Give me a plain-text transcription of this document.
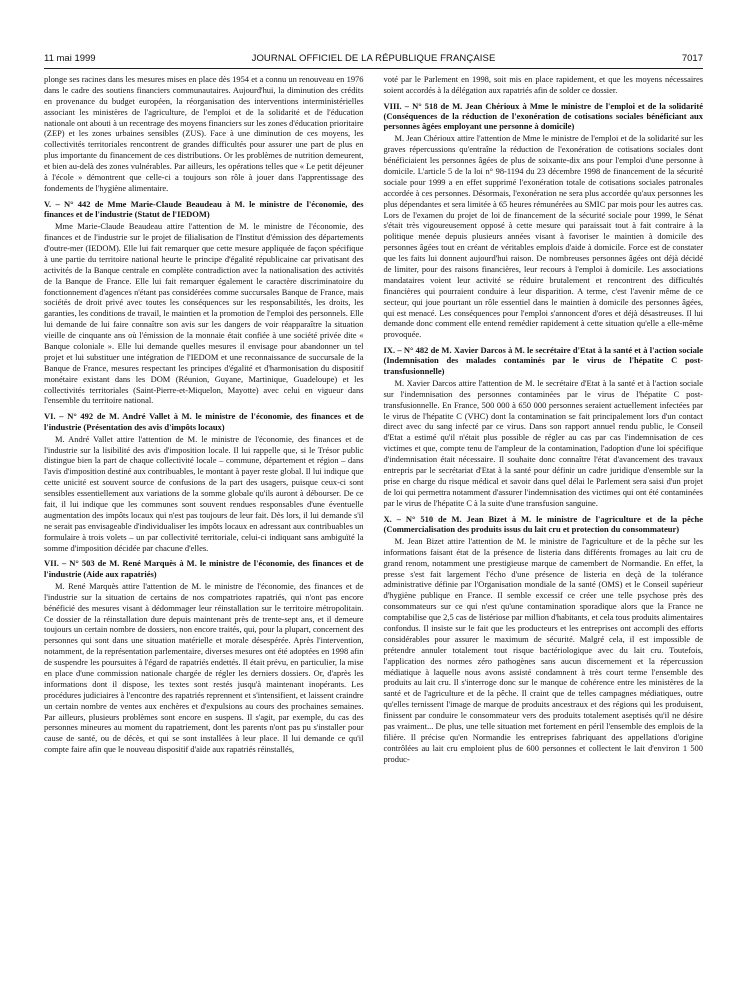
11 mai 1999	JOURNAL OFFICIEL DE LA RÉPUBLIQUE FRANÇAISE	7017

plonge ses racines dans les mesures mises en place dès 1954 et a connu un renouveau en 1976 dans le cadre des soutiens financiers communautaires. Aujourd'hui, la diminution des crédits en provenance du budget européen, la réorganisation des interventions interministérielles associant les ministères de l'agriculture, de l'emploi et de la solidarité et de l'éducation nationale ont abouti à un recentrage des moyens financiers sur les zones d'éducation prioritaire (ZEP) et les zones urbaines sensibles (ZUS). Face à une diminution de ces moyens, les collectivités territoriales rencontrent de grandes difficultés pour assurer une part de plus en plus importante du financement de ces distributions. Or les problèmes de nutrition demeurent, et bien au-delà des zones vulnérables. Par ailleurs, les opérations telles que « Le petit déjeuner à l'école » démontrent que celle-ci a toujours son rôle à jouer dans l'apprentissage des fondements de l'hygiène alimentaire.

V. – N° 442 de Mme Marie-Claude Beaudeau à M. le ministre de l'économie, des finances et de l'industrie (Statut de l'IEDOM)

Mme Marie-Claude Beaudeau attire l'attention de M. le ministre de l'économie, des finances et de l'industrie sur le projet de filialisation de l'Institut d'émission des départements d'outre-mer (IEDOM). Elle lui fait remarquer que cette mesure appliquée de façon spécifique à une partie du territoire national heurte le principe d'égalité républicaine car privatisant des activités de la Banque centrale en complète contradiction avec la nationalisation des activités de la Banque de France. Elle lui fait remarquer également le caractère discriminatoire du fonctionnement d'agences n'étant pas considérées comme succursales Banque de France, mais sociétés de droit privé avec toutes les conséquences sur les responsabilités, les droits, les garanties, les conditions de travail, le maintien et la promotion de l'emploi des personnels. Elle lui demande de lui faire connaître son avis sur les dangers de voir réapparaître la situation vieille de cinquante ans où l'émission de la monnaie était confiée à une société privée dite « Banque coloniale ». Elle lui demande quelles mesures il envisage pour abandonner un tel projet et lui substituer une intégration de l'IEDOM et une reconnaissance de succursale de la Banque de France, mesures respectant les principes d'égalité et d'harmonisation du dispositif monétaire existant dans les DOM (Réunion, Guyane, Martinique, Guadeloupe) et les collectivités territoriales (Saint-Pierre-et-Miquelon, Mayotte) avec celui en vigueur dans l'ensemble du territoire national.

VI. – N° 492 de M. André Vallet à M. le ministre de l'économie, des finances et de l'industrie (Présentation des avis d'impôts locaux)

M. André Vallet attire l'attention de M. le ministre de l'économie, des finances et de l'industrie sur la lisibilité des avis d'imposition locale. Il lui rappelle que, si le Trésor public distingue bien la part de chaque collectivité locale – commune, département et région – dans l'avis d'imposition destiné aux contribuables, le montant à payer reste global. Il lui indique que cette unicité est souvent source de confusions de la part des usagers, puisque ceux-ci sont sensibles essentiellement aux variations de la somme globale qu'ils auront à débourser. De ce fait, il lui indique que les communes sont souvent rendues responsables d'une éventuelle augmentation des impôts locaux qui n'est pas toujours de leur fait. Dès lors, il lui demande s'il ne serait pas envisageable d'individualiser les impôts locaux en adressant aux contribuables un formulaire à trois volets – un par collectivité territoriale, celui-ci indiquant sans ambiguïté la somme d'imposition décidée par chacune d'elles.

VII. – N° 503 de M. René Marquès à M. le ministre de l'économie, des finances et de l'industrie (Aide aux rapatriés)

M. René Marquès attire l'attention de M. le ministre de l'économie, des finances et de l'industrie sur la situation de certains de nos compatriotes rapatriés, qui n'ont pas encore bénéficié des mesures visant à dédommager leur réinstallation sur le territoire métropolitain. Ce dossier de la réinstallation dure depuis maintenant près de trente-sept ans, et il demeure toujours un certain nombre de dossiers, non encore traités, qui, pour la plupart, concernent des personnes qui sont dans une situation matérielle et morale désespérée. Après l'intervention, notamment, de la représentation parlementaire, diverses mesures ont été adoptées en 1998 afin de suspendre les poursuites à l'égard de rapatriés endettés. Il était prévu, en particulier, la mise en place d'une commission nationale chargée de régler les derniers dossiers. Or, d'après les informations dont il dispose, les textes sont restés jusqu'à maintenant inopérants. Les procédures judiciaires à l'encontre des rapatriés reprennent et s'intensifient, et laissent craindre un certain nombre de ventes aux enchères et d'expulsions au cours des prochaines semaines. Par ailleurs, plusieurs problèmes sont encore en suspens. Il s'agit, par exemple, du cas des personnes mineures au moment du rapatriement, dont les parents n'ont pas pu s'installer pour cause de santé, ou de décès, et qui se sont installées à leur place. Il lui demande ce qu'il compte faire afin que le nouveau dispositif d'aide aux rapatriés réinstallés,

voté par le Parlement en 1998, soit mis en place rapidement, et que les moyens nécessaires soient accordés à la délégation aux rapatriés afin de solder ce dossier.

VIII. – N° 518 de M. Jean Chérioux à Mme le ministre de l'emploi et de la solidarité (Conséquences de la réduction de l'exonération de cotisations sociales bénéficiant aux personnes âgées employant une personne à domicile)

M. Jean Chérioux attire l'attention de Mme le ministre de l'emploi et de la solidarité sur les graves répercussions qu'entraîne la réduction de l'exonération de cotisations sociales dont bénéficiaient les personnes âgées de plus de soixante-dix ans pour l'emploi d'une personne à domicile. L'article 5 de la loi n° 98-1194 du 23 décembre 1998 de financement de la sécurité sociale pour 1999 a en effet supprimé l'exonération totale de cotisations sociales patronales accordée à ces personnes. Désormais, l'exonération ne sera plus accordée qu'aux personnes les plus dépendantes et sera limitée à 65 heures rémunérées au SMIC par mois pour les autres cas. Lors de l'examen du projet de loi de financement de la sécurité sociale pour 1999, le Sénat s'était très vigoureusement opposé à cette mesure qui paraissait tout à fait contraire à la politique menée depuis plusieurs années visant à favoriser le maintien à domicile des personnes âgées tout en créant de véritables emplois d'aide à domicile. Force est de constater que les faits lui donnent aujourd'hui raison. De nombreuses personnes âgées ont déjà décidé de limiter, pour des raisons financières, leur recours à l'emploi à domicile. Les associations mandataires voient leur activité se réduire brutalement et rencontrent des difficultés financières qui pourraient conduire à leur disparition. A terme, c'est l'avenir même de ce secteur, qui joue pourtant un rôle essentiel dans le maintien à domicile des personnes âgées, qui est menacé. Les conséquences pour l'emploi s'annoncent d'ores et déjà désastreuses. Il lui demande donc comment elle entend remédier rapidement à cette situation qu'elle a elle-même provoquée.

IX. – N° 482 de M. Xavier Darcos à M. le secrétaire d'Etat à la santé et à l'action sociale (Indemnisation des malades contaminés par le virus de l'hépatite C post-transfusionnelle)

M. Xavier Darcos attire l'attention de M. le secrétaire d'Etat à la santé et à l'action sociale sur l'indemnisation des personnes contaminées par le virus de l'hépatite C post-transfusionnelle. En France, 500 000 à 650 000 personnes seraient actuellement infectées par le virus de l'hépatite C (VHC) dont la contamination se fait principalement lors d'un contact direct avec du sang infecté par ce virus. Dans son rapport annuel rendu public, le Conseil d'Etat a estimé qu'il n'était plus possible de régler au cas par cas l'indemnisation de ces victimes et que, compte tenu de l'ampleur de la contamination, l'adoption d'une loi spécifique d'indemnisation était nécessaire. Il souhaite donc connaître l'état d'avancement des travaux entrepris par le secrétariat d'Etat à la santé pour définir un cadre juridique d'ensemble sur la prise en charge du risque médical et savoir dans quel délai le Parlement sera saisi d'un projet de loi qui permettra notamment d'assurer l'indemnisation des victimes qui ont été contaminées par le virus de l'hépatite C à la suite d'une transfusion sanguine.

X. – N° 510 de M. Jean Bizet à M. le ministre de l'agriculture et de la pêche (Commercialisation des produits issus du lait cru et protection du consommateur)

M. Jean Bizet attire l'attention de M. le ministre de l'agriculture et de la pêche sur les informations faisant état de la présence de listeria dans différents fromages au lait cru de grand renom, notamment une prestigieuse marque de camembert de Normandie. En effet, la presse s'est fait largement l'écho d'une présence de listeria en deçà de la tolérance administrative définie par l'Organisation mondiale de la santé (OMS) et le Conseil supérieur d'hygiène publique en France. Il semble excessif ce créer une telle psychose près des consommateurs sur ce qui n'est qu'une contamination sporadique alors que la France ne comptabilise que 2,5 cas de listériose par million d'habitants, et cela tous produits alimentaires confondus. Il insiste sur le fait que les producteurs et les entreprises ont accompli des efforts considérables pour assurer le maximum de sécurité. Malgré cela, il est impossible de prétendre annuler totalement tout risque bactériologique avec du lait cru. Toutefois, l'application des normes zéro pathogènes sans aucun discernement et la répercussion médiatique à laquelle nous avons assisté condamnent à très court terme l'ensemble des produits au lait cru. Il s'interroge donc sur le manque de cohérence entre les ministères de la santé et de l'agriculture et de la pêche. Il craint que de telles campagnes médiatiques, outre qu'elles ternissent l'image de marque de produits ancestraux et des régions qui les produisent, finissent par conduire le consommateur vers des produits totalement aseptisés qu'il ne désire pas vraiment... De plus, une telle situation met fortement en péril l'ensemble des emplois de la filière. Il précise qu'en Normandie les entreprises fabriquant des appellations d'origine contrôlées au lait cru emploient plus de 600 personnes et collectent le lait d'environ 1 500 produc-
